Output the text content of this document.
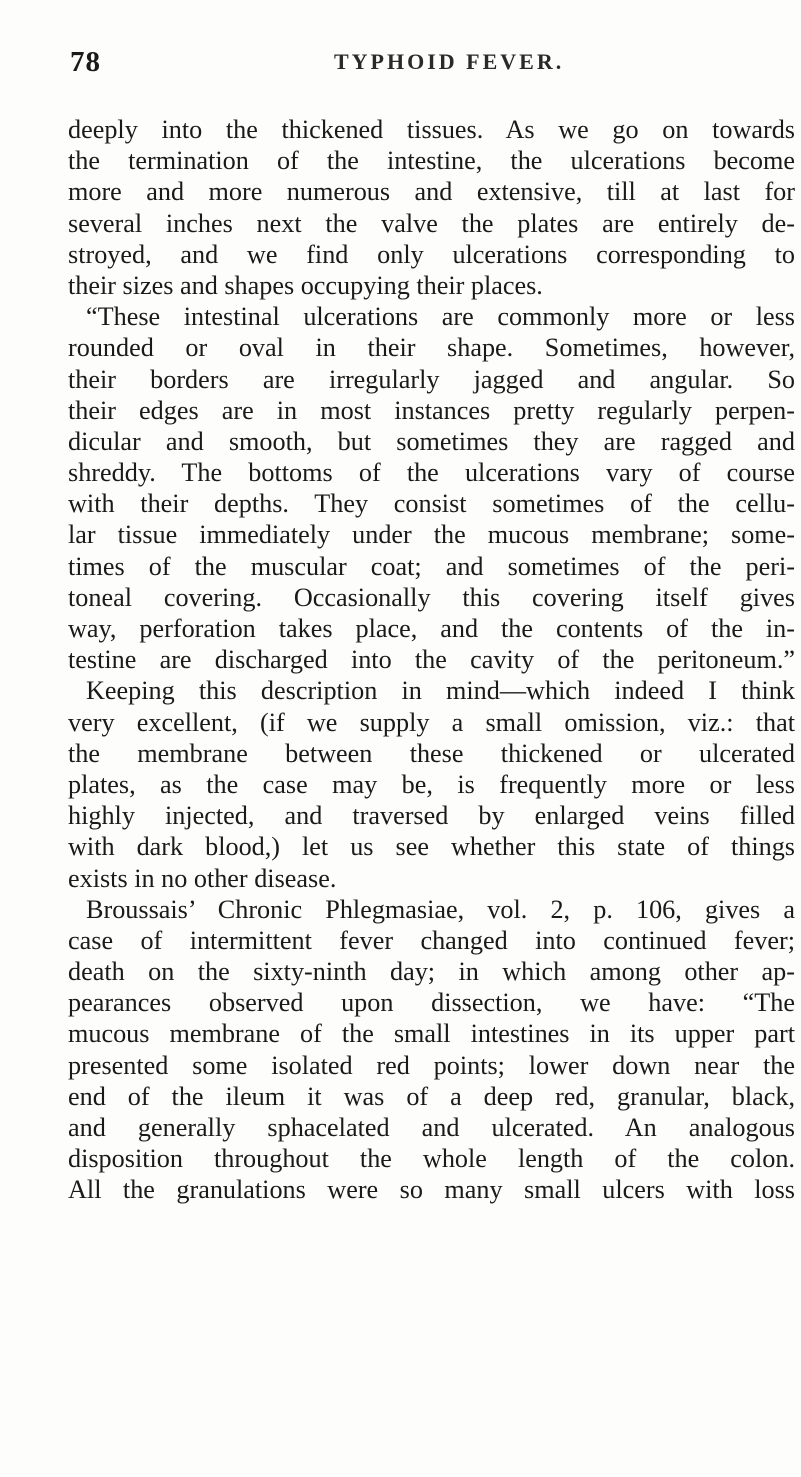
78	TYPHOID FEVER.
deeply into the thickened tissues. As we go on towards
the termination of the intestine, the ulcerations become
more and more numerous and extensive, till at last for
several inches next the valve the plates are entirely de-
stroyed, and we find only ulcerations corresponding to
their sizes and shapes occupying their places.
“These intestinal ulcerations are commonly more or less
rounded or oval in their shape. Sometimes, however,
their borders are irregularly jagged and angular. So
their edges are in most instances pretty regularly perpen-
dicular and smooth, but sometimes they are ragged and
shreddy. The bottoms of the ulcerations vary of course
with their depths. They consist sometimes of the cellu-
lar tissue immediately under the mucous membrane; some-
times of the muscular coat; and sometimes of the peri-
toneal covering. Occasionally this covering itself gives
way, perforation takes place, and the contents of the in-
testine are discharged into the cavity of the peritoneum.”
Keeping this description in mind—which indeed I think
very excellent, (if we supply a small omission, viz.: that
the membrane between these thickened or ulcerated
plates, as the case may be, is frequently more or less
highly injected, and traversed by enlarged veins filled
with dark blood,) let us see whether this state of things
exists in no other disease.
Broussais’ Chronic Phlegmasiae, vol. 2, p. 106, gives a
case of intermittent fever changed into continued fever;
death on the sixty-ninth day; in which among other ap-
pearances observed upon dissection, we have: “The
mucous membrane of the small intestines in its upper part
presented some isolated red points; lower down near the
end of the ileum it was of a deep red, granular, black,
and generally sphacelated and ulcerated. An analogous
disposition throughout the whole length of the colon.
All the granulations were so many small ulcers with loss
